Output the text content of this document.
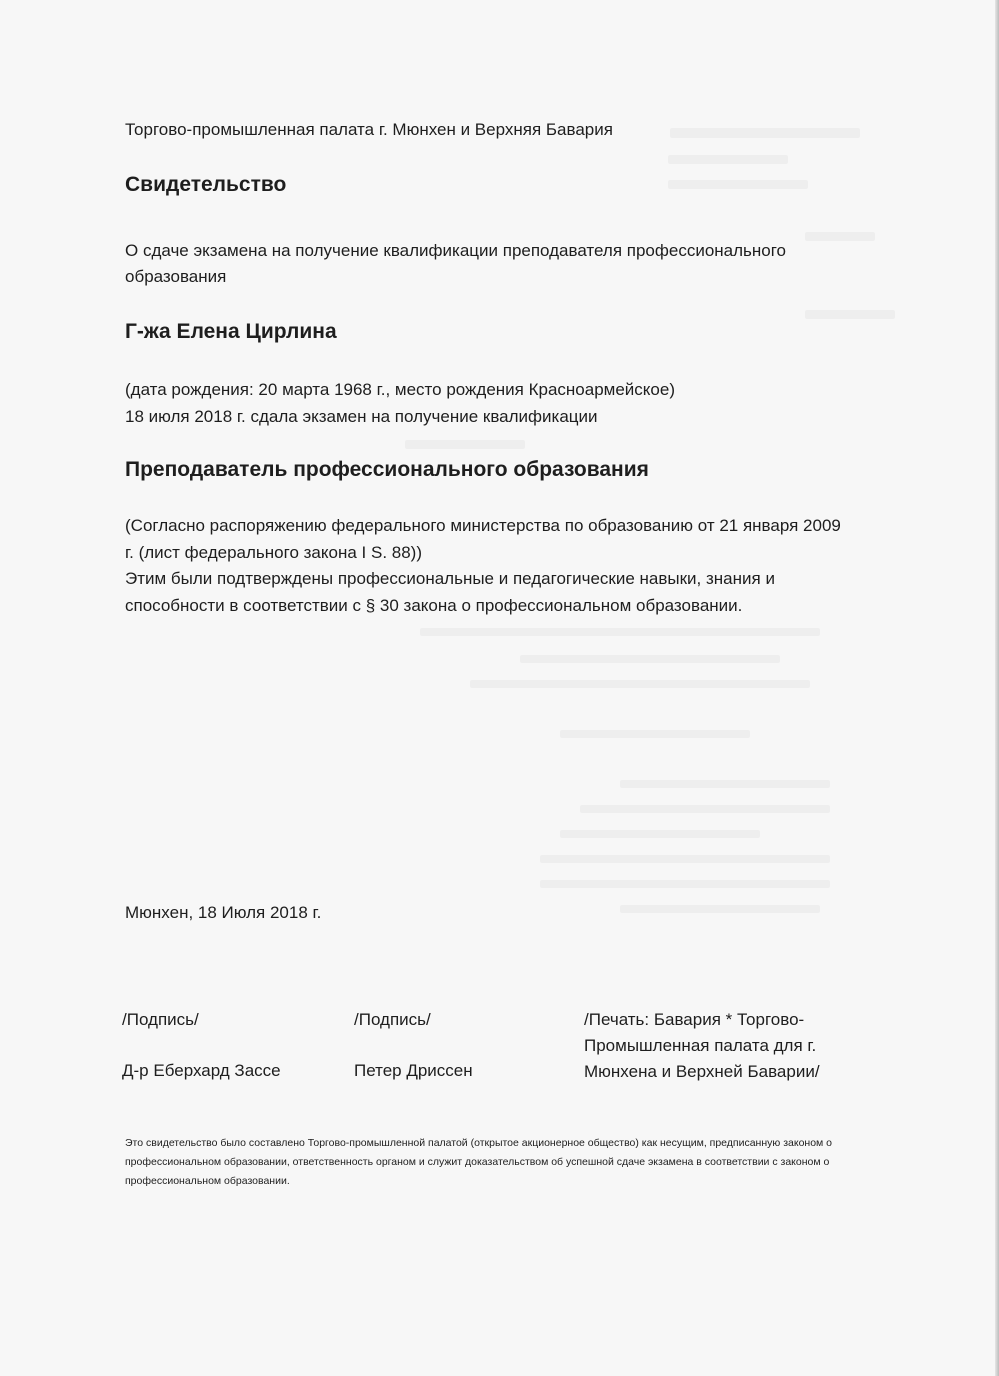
Торгово-промышленная палата г. Мюнхен и Верхняя Бавария
Свидетельство
О сдаче экзамена на получение квалификации преподавателя профессионального образования
Г-жа Елена Цирлина
(дата рождения: 20 марта 1968 г., место рождения Красноармейское)
18 июля 2018 г. сдала экзамен на получение квалификации
Преподаватель профессионального образования
(Согласно распоряжению федерального министерства по образованию от 21 января 2009 г. (лист федерального закона I S. 88))
Этим были подтверждены профессиональные и педагогические навыки, знания и способности в соответствии с § 30 закона о профессиональном образовании.
Мюнхен, 18 Июля 2018 г.
/Подпись/
Д-р Еберхард Зассе
/Подпись/
Петер Дриссен
/Печать: Бавария * Торгово-Промышленная палата для г. Мюнхена и Верхней Баварии/
Это свидетельство было составлено Торгово-промышленной палатой (открытое акционерное общество) как несущим, предписанную законом о профессиональном образовании, ответственность органом и служит доказательством об успешной сдаче экзамена в соответствии с законом о профессиональном образовании.
